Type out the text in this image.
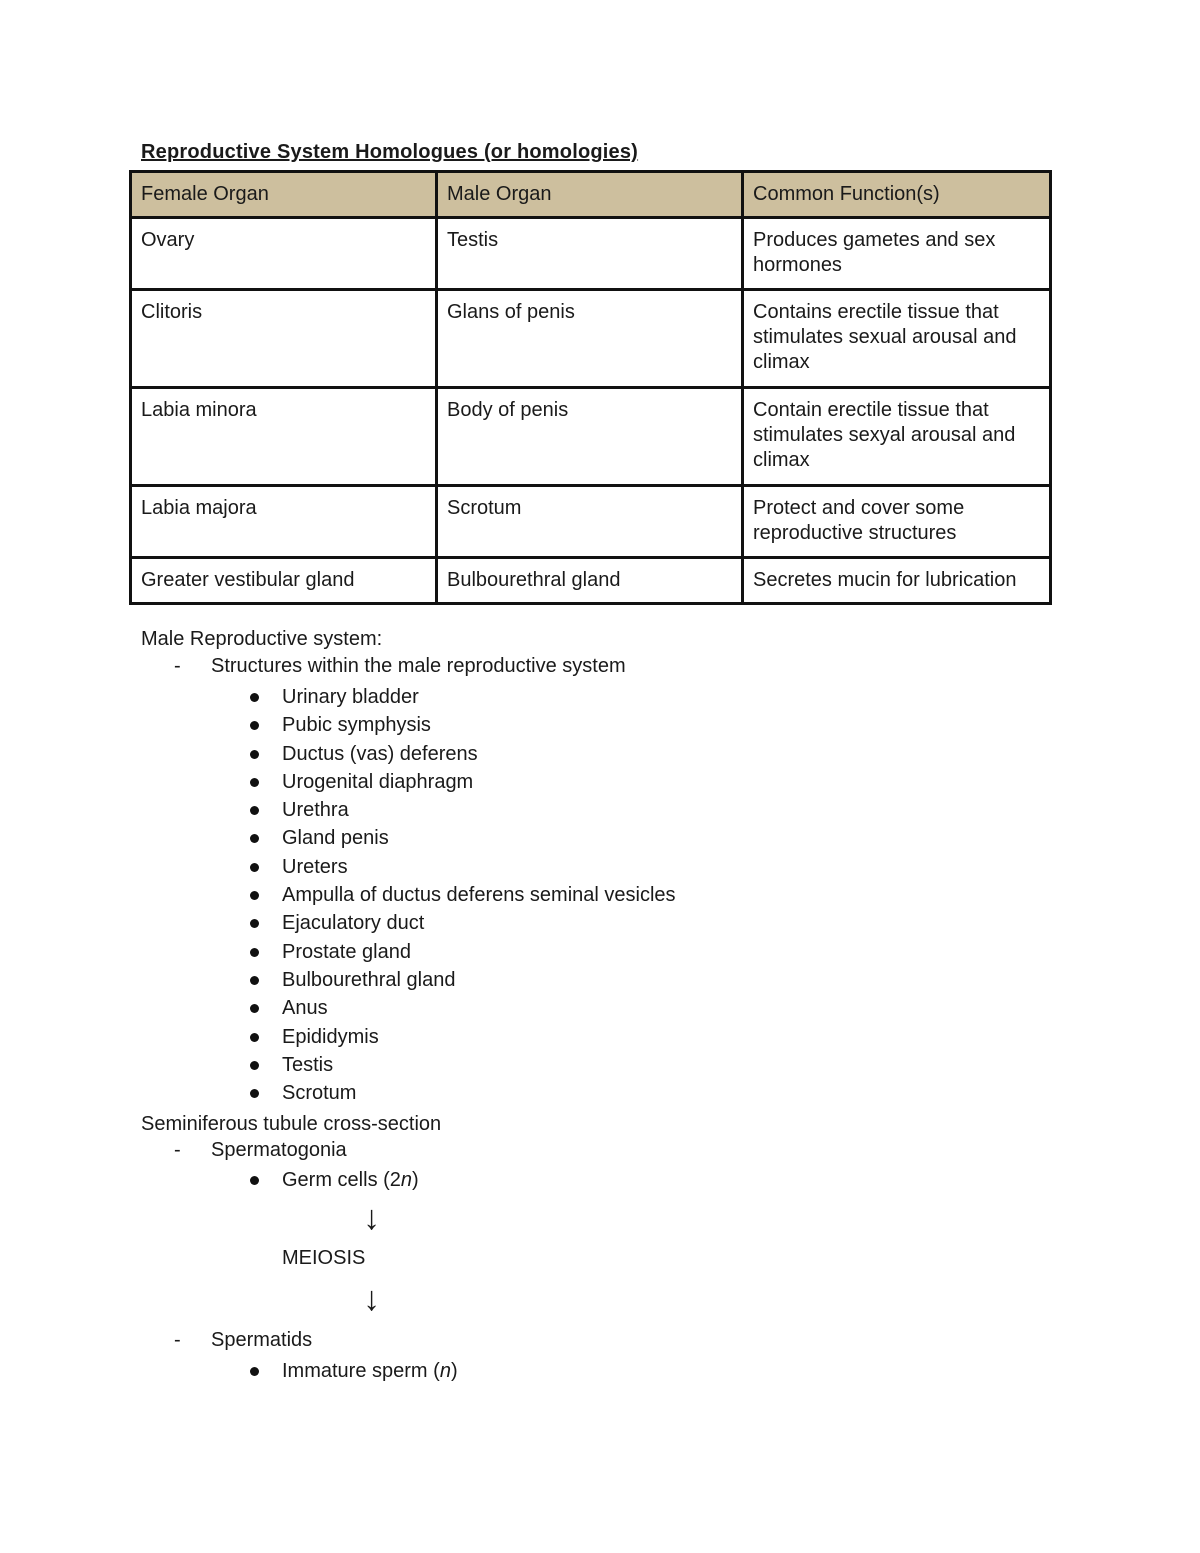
Reproductive System Homologues (or homologies)
Female Organ	Male Organ	Common Function(s)
Ovary	Testis	Produces gametes and sex hormones
Clitoris	Glans of penis	Contains erectile tissue that stimulates sexual arousal and climax
Labia minora	Body of penis	Contain erectile tissue that stimulates sexyal arousal and climax
Labia majora	Scrotum	Protect and cover some reproductive structures
Greater vestibular gland	Bulbourethral gland	Secretes mucin for lubrication
Male Reproductive system:
- Structures within the male reproductive system
Urinary bladder
Pubic symphysis
Ductus (vas) deferens
Urogenital diaphragm
Urethra
Gland penis
Ureters
Ampulla of ductus deferens seminal vesicles
Ejaculatory duct
Prostate gland
Bulbourethral gland
Anus
Epididymis
Testis
Scrotum
Seminiferous tubule cross-section
- Spermatogonia
Germ cells (2n)
↓
MEIOSIS
↓
- Spermatids
Immature sperm (n)
